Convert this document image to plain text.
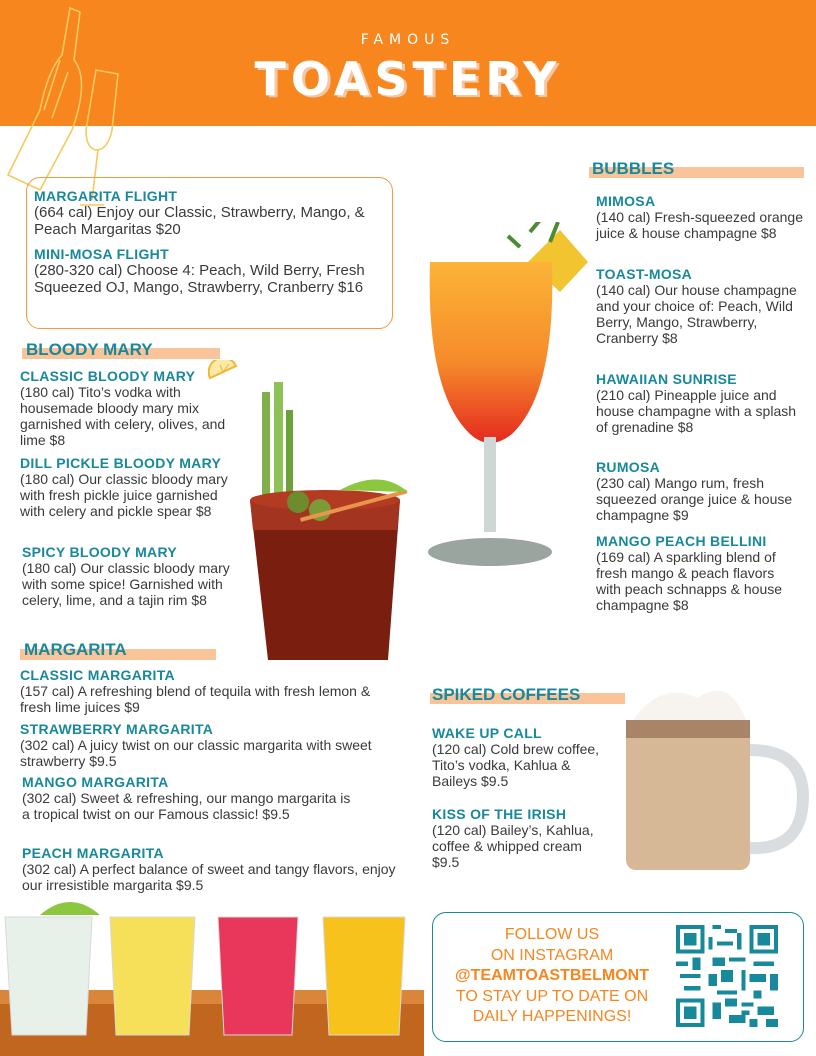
FAMOUS
TOASTERY
MARGARITA FLIGHT
(664 cal) Enjoy our Classic, Strawberry, Mango, & Peach Margaritas $20
MINI-MOSA FLIGHT
(280-320 cal) Choose 4: Peach, Wild Berry, Fresh Squeezed OJ, Mango, Strawberry, Cranberry $16
BLOODY MARY
CLASSIC BLOODY MARY
(180 cal) Tito’s vodka with housemade bloody mary mix garnished with celery, olives, and lime $8
DILL PICKLE BLOODY MARY
(180 cal) Our classic bloody mary with fresh pickle juice garnished with celery and pickle spear $8
SPICY BLOODY MARY
(180 cal) Our classic bloody mary with some spice! Garnished with celery, lime, and a tajin rim $8
MARGARITA
CLASSIC MARGARITA
(157 cal) A refreshing blend of tequila with fresh lemon & fresh lime juices $9
STRAWBERRY MARGARITA
(302 cal) A juicy twist on our classic margarita with sweet strawberry $9.5
MANGO MARGARITA
(302 cal) Sweet & refreshing, our mango margarita is a tropical twist on our Famous classic! $9.5
PEACH MARGARITA
(302 cal) A perfect balance of sweet and tangy flavors, enjoy our irresistible margarita $9.5
BUBBLES
MIMOSA
(140 cal) Fresh-squeezed orange juice & house champagne $8
TOAST-MOSA
(140 cal) Our house champagne and your choice of: Peach, Wild Berry, Mango, Strawberry, Cranberry $8
HAWAIIAN SUNRISE
(210 cal) Pineapple juice and house champagne with a splash of grenadine $8
RUMOSA
(230 cal) Mango rum, fresh squeezed orange juice & house champagne $9
MANGO PEACH BELLINI
(169 cal) A sparkling blend of fresh mango & peach flavors with peach schnapps & house champagne $8
SPIKED COFFEES
WAKE UP CALL
(120 cal) Cold brew coffee, Tito’s vodka, Kahlua & Baileys $9.5
KISS OF THE IRISH
(120 cal) Bailey’s, Kahlua, coffee & whipped cream $9.5
FOLLOW US
ON INSTAGRAM
@TEAMTOASTBELMONT
TO STAY UP TO DATE ON
DAILY HAPPENINGS!
